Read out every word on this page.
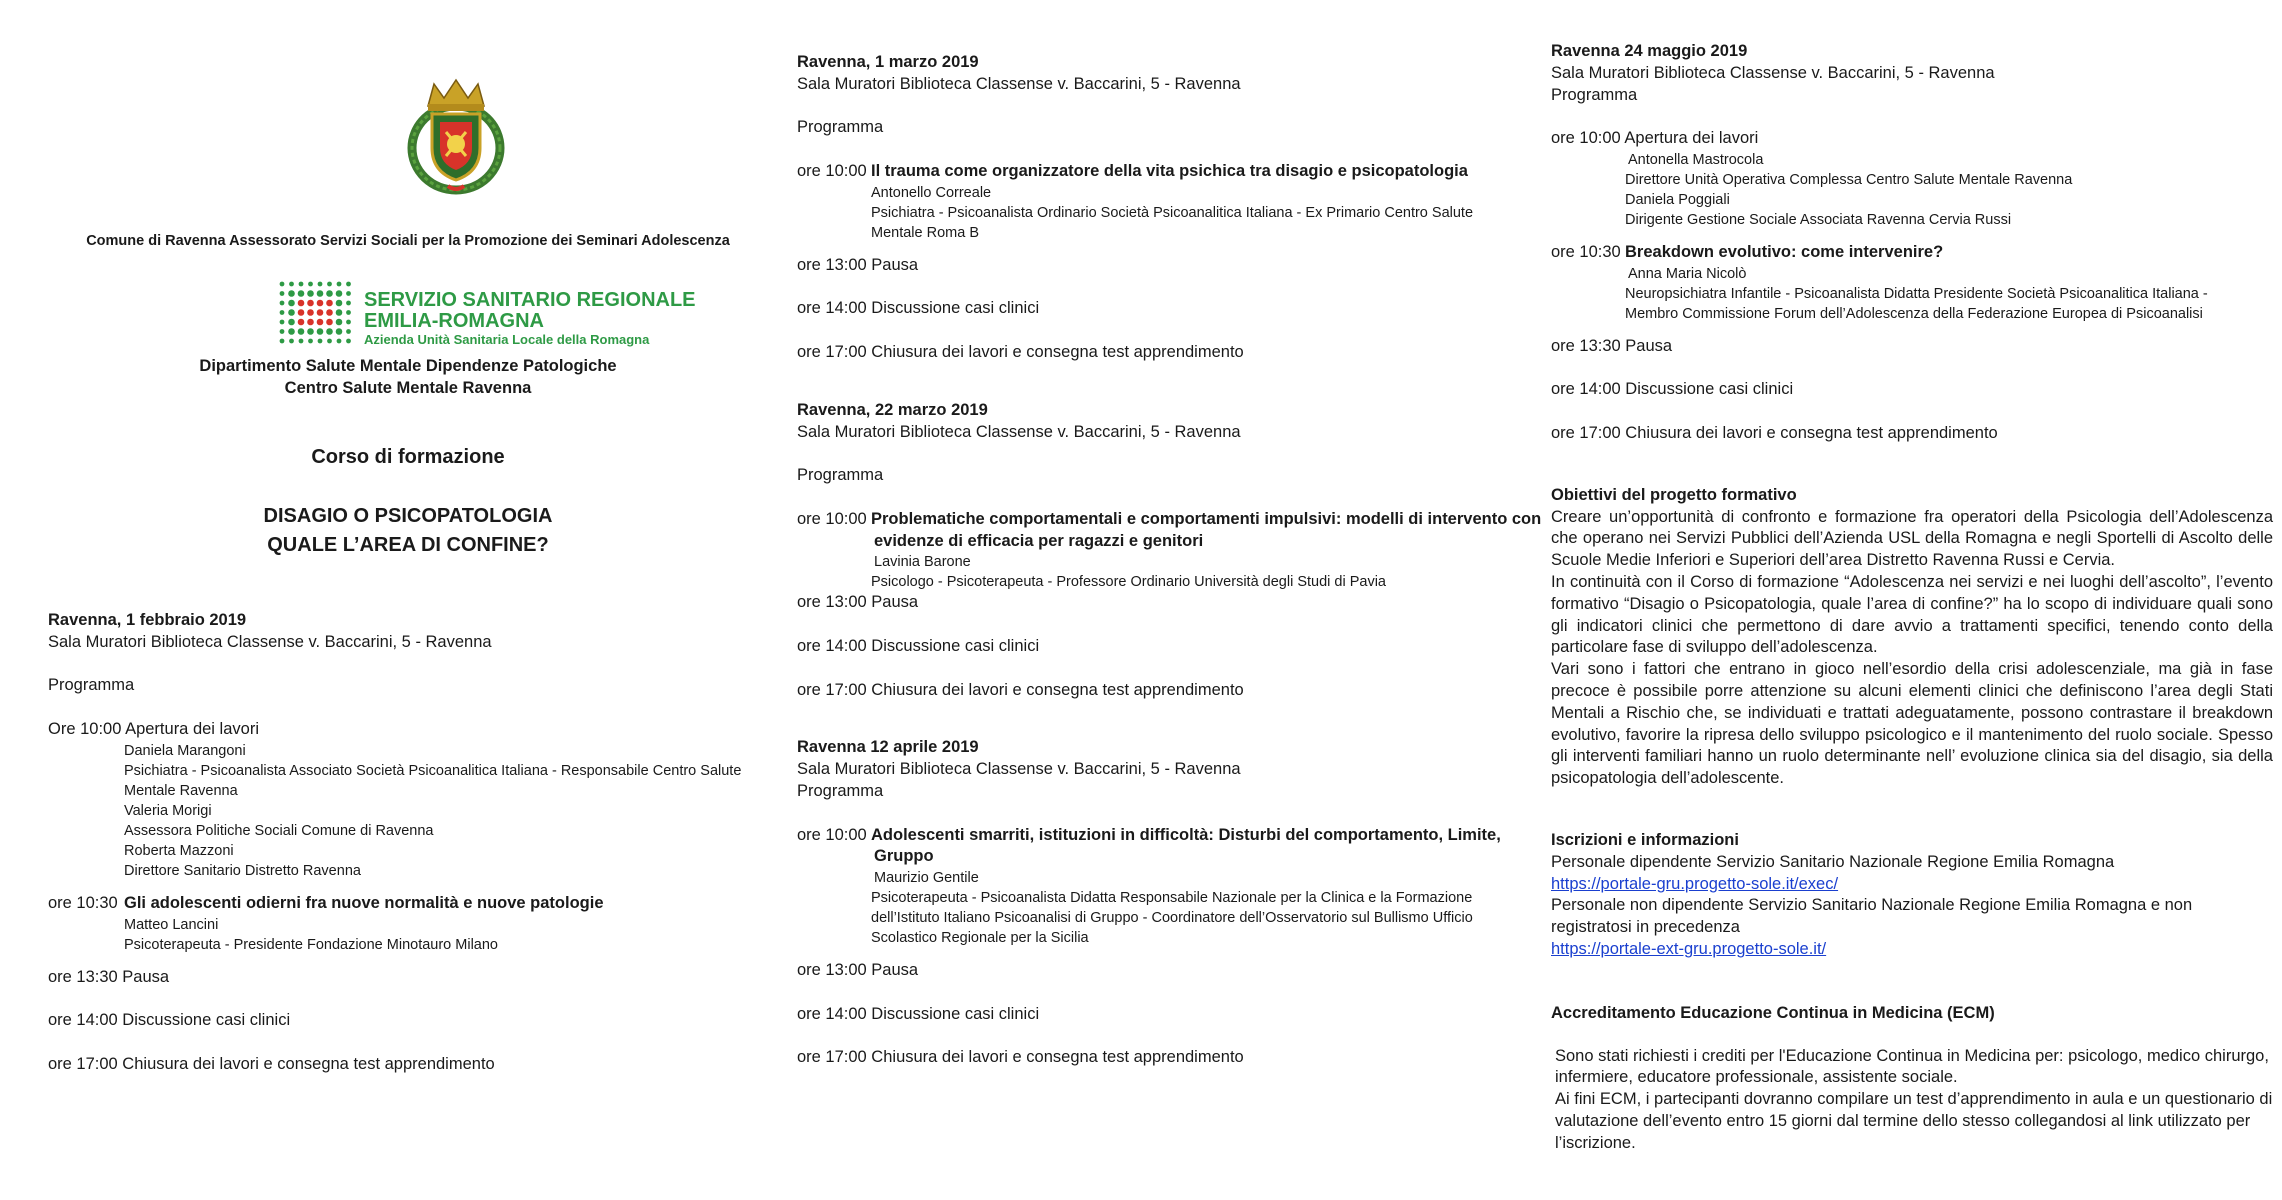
Comune di Ravenna Assessorato Servizi Sociali per la Promozione dei Seminari Adolescenza
SERVIZIO SANITARIO REGIONALE
EMILIA-ROMAGNA
Azienda Unità Sanitaria Locale della Romagna
Dipartimento Salute Mentale Dipendenze Patologiche
Centro Salute Mentale Ravenna
Corso di formazione
DISAGIO O PSICOPATOLOGIA
QUALE L’AREA DI CONFINE?

Ravenna, 1 febbraio 2019

Sala Muratori Biblioteca Classense v. Baccarini, 5 - Ravenna

Programma

Ore 10:00 Apertura dei lavori

Daniela Marangoni
Psichiatra - Psicoanalista Associato Società Psicoanalitica Italiana - Responsabile Centro Salute
Mentale Ravenna
Valeria Morigi
Assessora Politiche Sociali Comune di Ravenna
Roberta Mazzoni
Direttore Sanitario Distretto Ravenna
ore 10:30 Gli adolescenti odierni fra nuove normalità e nuove patologie
Matteo Lancini
Psicoterapeuta - Presidente Fondazione Minotauro Milano

ore 13:30 Pausa

ore 14:00 Discussione casi clinici

ore 17:00 Chiusura dei lavori e consegna test apprendimento

Ravenna, 1 marzo 2019

Sala Muratori Biblioteca Classense v. Baccarini, 5 - Ravenna

Programma

ore 10:00 Il trauma come organizzatore della vita psichica tra disagio e psicopatologia
Antonello Correale
Psichiatra - Psicoanalista Ordinario Società Psicoanalitica Italiana - Ex Primario Centro Salute
Mentale Roma B

ore 13:00 Pausa

ore 14:00 Discussione casi clinici

ore 17:00 Chiusura dei lavori e consegna test apprendimento

Ravenna, 22 marzo 2019

Sala Muratori Biblioteca Classense v. Baccarini, 5 - Ravenna

Programma

ore 10:00 Problematiche comportamentali e comportamenti impulsivi: modelli di intervento con

evidenze di efficacia per ragazzi e genitori

Lavinia Barone
Psicologo - Psicoterapeuta - Professore Ordinario Università degli Studi di Pavia

ore 13:00 Pausa

ore 14:00 Discussione casi clinici

ore 17:00 Chiusura dei lavori e consegna test apprendimento

Ravenna 12 aprile 2019

Sala Muratori Biblioteca Classense v. Baccarini, 5 - Ravenna

Programma

ore 10:00 Adolescenti smarriti, istituzioni in difficoltà: Disturbi del comportamento, Limite,

Gruppo

Maurizio Gentile
Psicoterapeuta - Psicoanalista Didatta Responsabile Nazionale per la Clinica e la Formazione
dell’Istituto Italiano Psicoanalisi di Gruppo - Coordinatore dell’Osservatorio sul Bullismo Ufficio
Scolastico Regionale per la Sicilia

ore 13:00 Pausa

ore 14:00 Discussione casi clinici

ore 17:00 Chiusura dei lavori e consegna test apprendimento

Ravenna 24 maggio 2019

Sala Muratori Biblioteca Classense v. Baccarini, 5 - Ravenna

Programma

ore 10:00 Apertura dei lavori

Antonella Mastrocola
Direttore Unità Operativa Complessa Centro Salute Mentale Ravenna
Daniela Poggiali
Dirigente Gestione Sociale Associata Ravenna Cervia Russi
ore 10:30 Breakdown evolutivo: come intervenire?
Anna Maria Nicolò
Neuropsichiatra Infantile - Psicoanalista Didatta Presidente Società Psicoanalitica Italiana -
Membro Commissione Forum dell’Adolescenza della Federazione Europea di Psicoanalisi

ore 13:30 Pausa

ore 14:00 Discussione casi clinici

ore 17:00 Chiusura dei lavori e consegna test apprendimento

Obiettivi del progetto formativo

Creare un’opportunità di confronto e formazione fra operatori della Psicologia dell’Adolescenza che operano nei Servizi Pubblici dell’Azienda USL della Romagna e negli Sportelli di Ascolto delle Scuole Medie Inferiori e Superiori dell’area Distretto Ravenna Russi e Cervia.
In continuità con il Corso di formazione “Adolescenza nei servizi e nei luoghi dell’ascolto”, l’evento formativo “Disagio o Psicopatologia, quale l’area di confine?” ha lo scopo di individuare quali sono gli indicatori clinici che permettono di dare avvio a trattamenti specifici, tenendo conto della particolare fase di sviluppo dell’adolescenza.
Vari sono i fattori che entrano in gioco nell’esordio della crisi adolescenziale, ma già in fase precoce è possibile porre attenzione su alcuni elementi clinici che definiscono l’area degli Stati Mentali a Rischio che, se individuati e trattati adeguatamente, possono contrastare il breakdown evolutivo, favorire la ripresa dello sviluppo psicologico e il mantenimento del ruolo sociale. Spesso gli interventi familiari hanno un ruolo determinante nell’ evoluzione clinica sia del disagio, sia della psicopatologia dell’adolescente.

Iscrizioni e informazioni

Personale dipendente Servizio Sanitario Nazionale Regione Emilia Romagna
https://portale-gru.progetto-sole.it/exec/
Personale non dipendente Servizio Sanitario Nazionale Regione Emilia Romagna e non registratosi in precedenza
https://portale-ext-gru.progetto-sole.it/

Accreditamento Educazione Continua in Medicina (ECM)

Sono stati richiesti i crediti per l'Educazione Continua in Medicina per: psicologo, medico chirurgo, infermiere, educatore professionale, assistente sociale.
Ai fini ECM, i partecipanti dovranno compilare un test d’apprendimento in aula e un questionario di valutazione dell’evento entro 15 giorni dal termine dello stesso collegandosi al link utilizzato per l’iscrizione.
